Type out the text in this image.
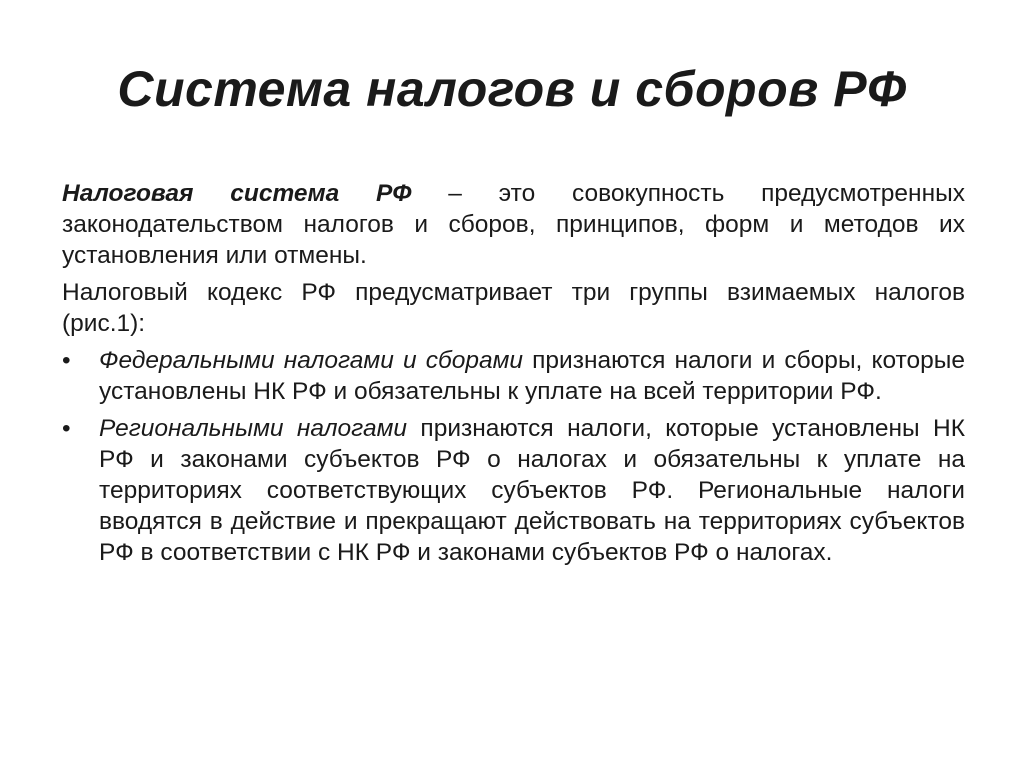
Система налогов и сборов РФ

Налоговая система РФ – это совокупность предусмотренных законодательством налогов и сборов, принципов, форм и методов их установления или отмены.

Налоговый кодекс РФ предусматривает три группы взимаемых налогов (рис.1):

•	Федеральными налогами и сборами признаются налоги и сборы, которые установлены НК РФ и обязательны к уплате на всей территории РФ.
•	Региональными налогами признаются налоги, которые установлены НК РФ и законами субъектов РФ о налогах и обязательны к уплате на территориях соответствующих субъектов РФ. Региональные налоги вводятся в действие и прекращают действовать на территориях субъектов РФ в соответствии с НК РФ и законами субъектов РФ о налогах.
